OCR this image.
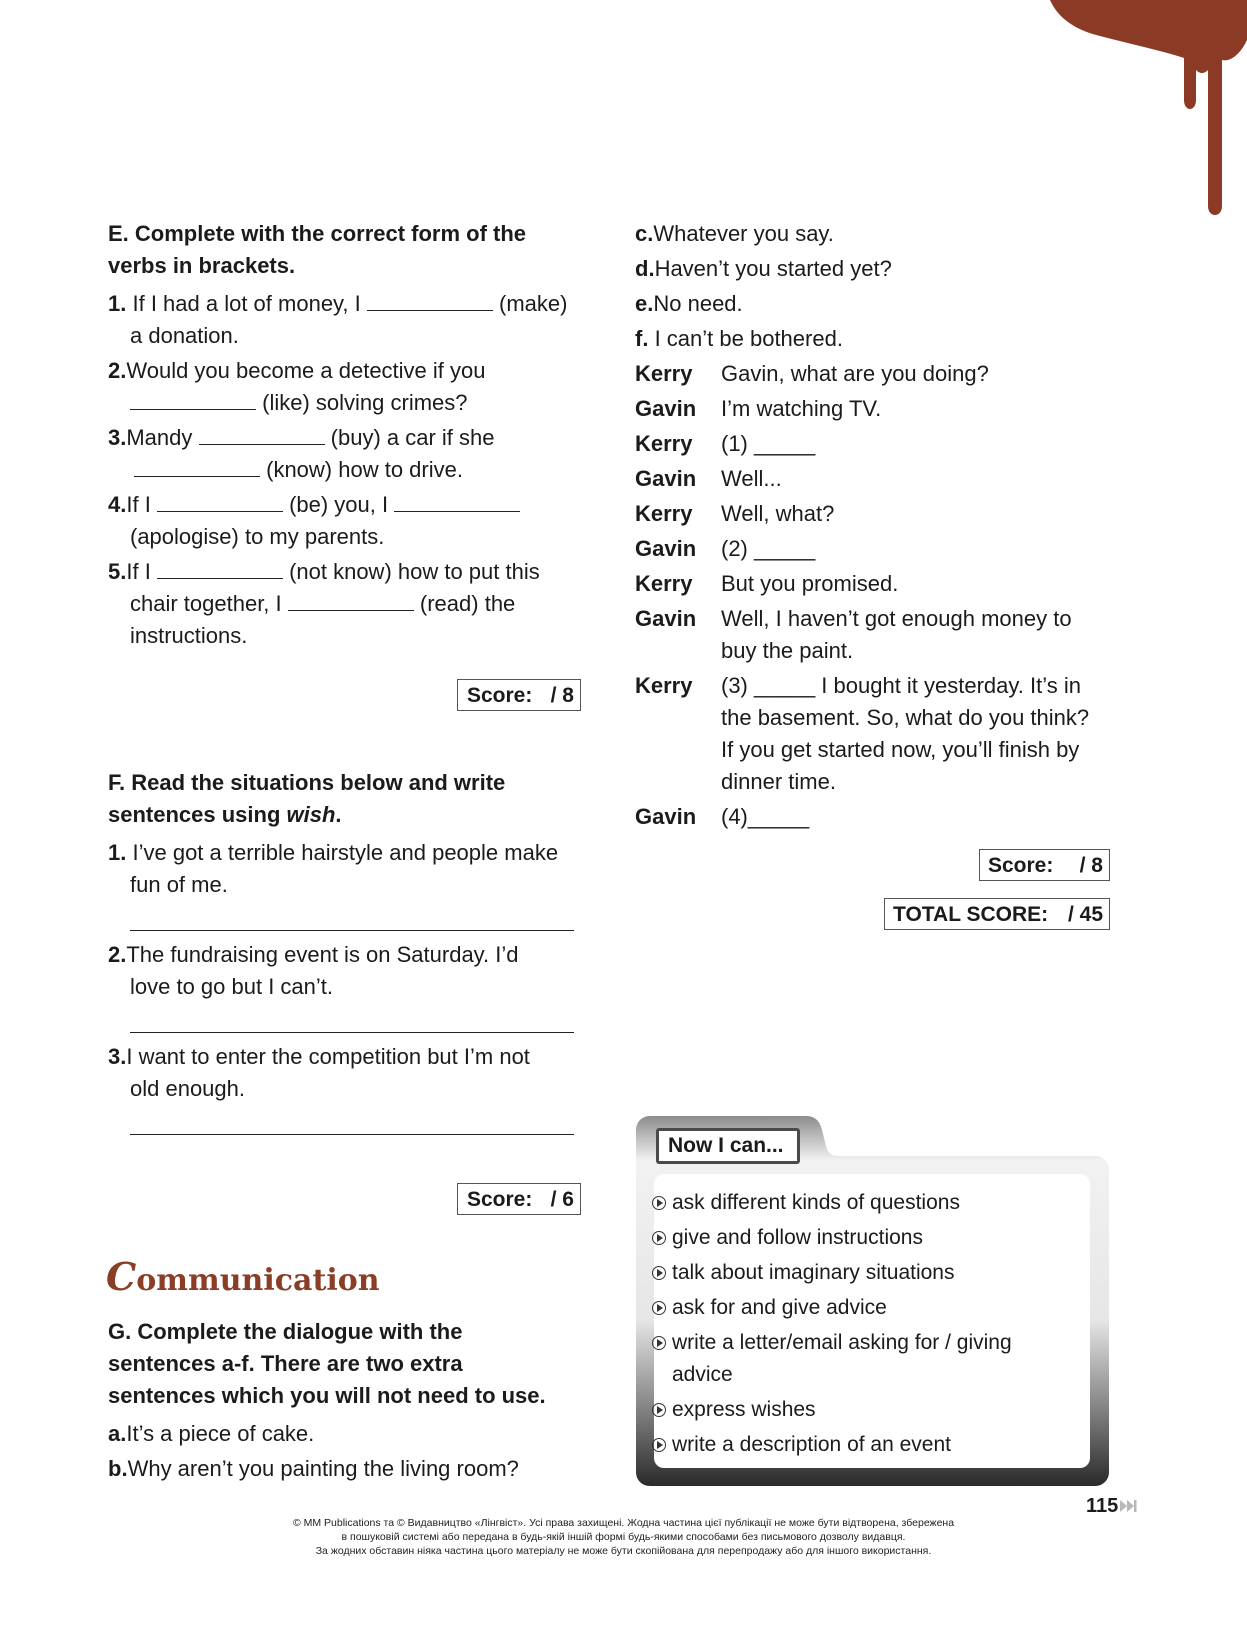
E. Complete with the correct form of the
verbs in brackets.
1. If I had a lot of money, I	(make)
a donation.
2.Would you become a detective if you
(like) solving crimes?
3.Mandy	(buy) a car if she
(know) how to drive.
4.If I	(be) you, I
(apologise) to my parents.
5.If I	(not know) how to put this
chair together, I	(read) the
instructions.
Score: / 8
F. Read the situations below and write
sentences using wish.
1. I’ve got a terrible hairstyle and people make
fun of me.
2.The fundraising event is on Saturday. I’d
love to go but I can’t.
3.I want to enter the competition but I’m not
old enough.
Score: / 6
Communication
G. Complete the dialogue with the
sentences a-f. There are two extra
sentences which you will not need to use.
a.It’s a piece of cake.
b.Why aren’t you painting the living room?
c.Whatever you say.
d.Haven’t you started yet?
e.No need.
f. I can’t be bothered.
Kerry Gavin, what are you doing?
Gavin I’m watching TV.
Kerry (1) _____
Gavin Well...
Kerry Well, what?
Gavin (2) _____
Kerry But you promised.
Gavin Well, I haven’t got enough money to
buy the paint.
Kerry (3) _____ I bought it yesterday. It’s in
the basement. So, what do you think?
If you get started now, you’ll finish by
dinner time.
Gavin (4)_____
Score: / 8
TOTAL SCORE: / 45
Now I can...
ask different kinds of questions
give and follow instructions
talk about imaginary situations
ask for and give advice
write a letter/email asking for / giving
advice
express wishes
write a description of an event
115
© MM Publications та © Видавництво «Лінгвіст». Усі права захищені. Жодна частина цієї публікації не може бути відтворена, збережена
в пошуковій системі або передана в будь-якій іншій формі будь-якими способами без письмового дозволу видавця.
За жодних обставин ніяка частина цього матеріалу не може бути скопійована для перепродажу або для іншого використання.
